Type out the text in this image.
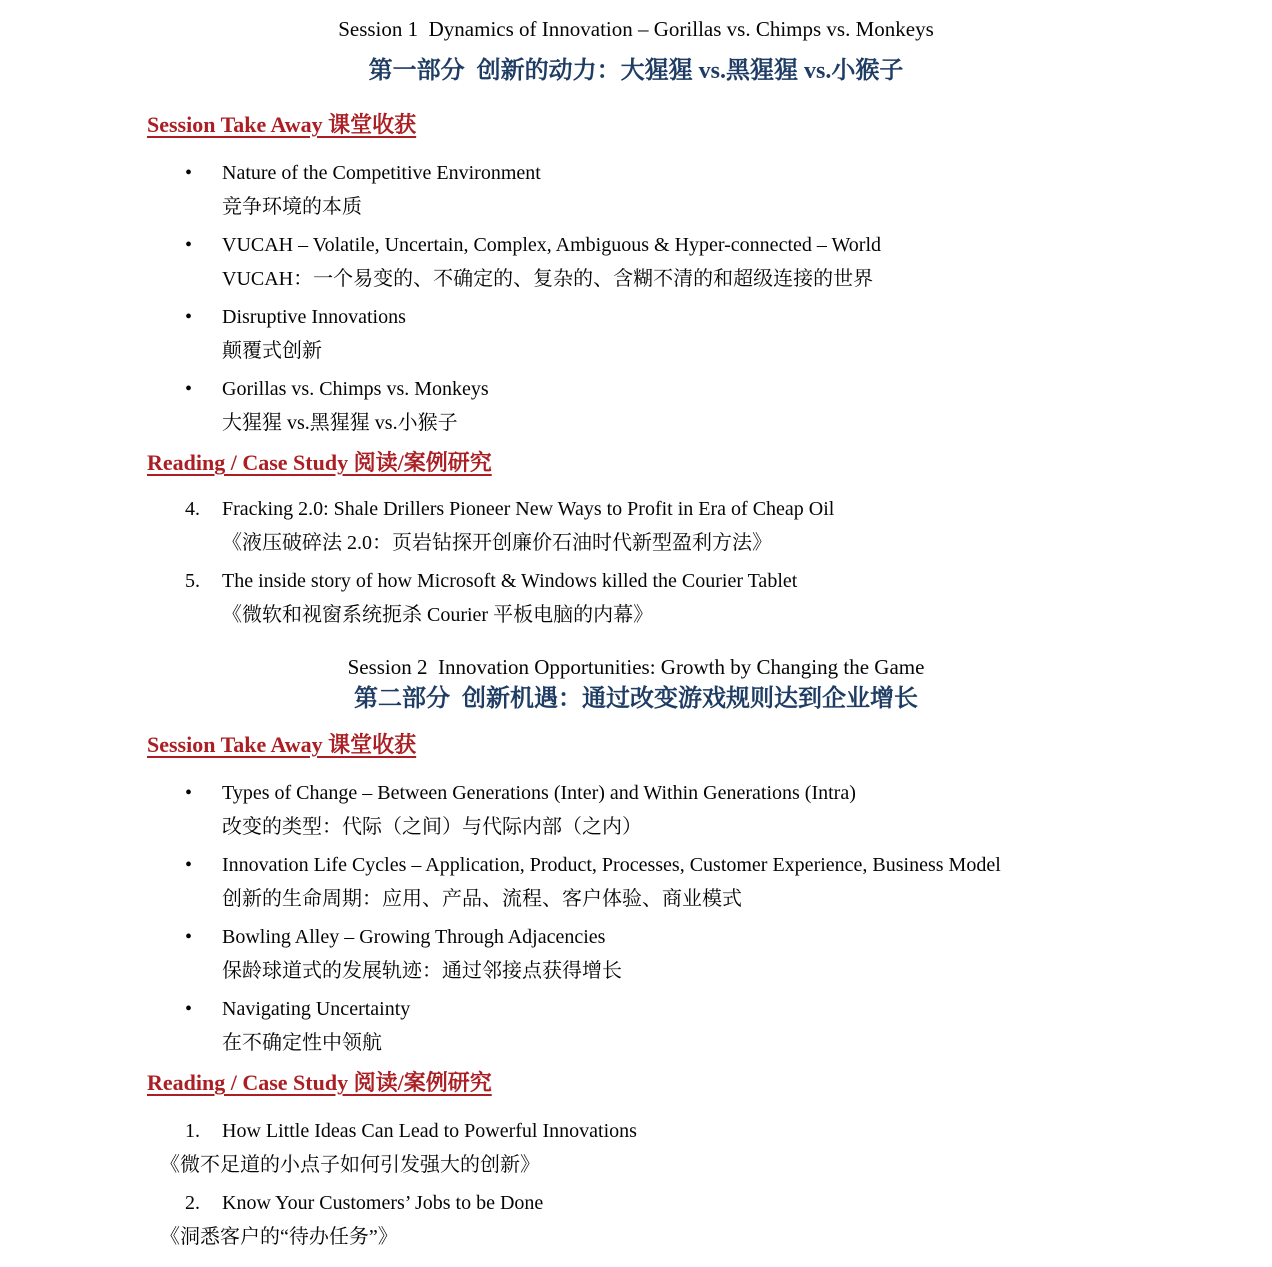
Session 1  Dynamics of Innovation – Gorillas vs. Chimps vs. Monkeys
第一部分  创新的动力：大猩猩 vs.黑猩猩 vs.小猴子
Session Take Away 课堂收获
•	Nature of the Competitive Environment
竞争环境的本质
•	VUCAH – Volatile, Uncertain, Complex, Ambiguous & Hyper-connected – World
VUCAH：一个易变的、不确定的、复杂的、含糊不清的和超级连接的世界
•	Disruptive Innovations
颠覆式创新
•	Gorillas vs. Chimps vs. Monkeys
大猩猩 vs.黑猩猩 vs.小猴子
Reading / Case Study 阅读/案例研究
4.	Fracking 2.0: Shale Drillers Pioneer New Ways to Profit in Era of Cheap Oil
《液压破碎法 2.0：页岩钻探开创廉价石油时代新型盈利方法》
5.	The inside story of how Microsoft & Windows killed the Courier Tablet
《微软和视窗系统扼杀 Courier 平板电脑的内幕》
Session 2  Innovation Opportunities: Growth by Changing the Game
第二部分  创新机遇：通过改变游戏规则达到企业增长
Session Take Away 课堂收获
•	Types of Change – Between Generations (Inter) and Within Generations (Intra)
改变的类型：代际（之间）与代际内部（之内）
•	Innovation Life Cycles – Application, Product, Processes, Customer Experience, Business Model
创新的生命周期：应用、产品、流程、客户体验、商业模式
•	Bowling Alley – Growing Through Adjacencies
保龄球道式的发展轨迹：通过邻接点获得增长
•	Navigating Uncertainty
在不确定性中领航
Reading / Case Study 阅读/案例研究
1.	How Little Ideas Can Lead to Powerful Innovations
《微不足道的小点子如何引发强大的创新》
2.	Know Your Customers’ Jobs to be Done
《洞悉客户的“待办任务”》
